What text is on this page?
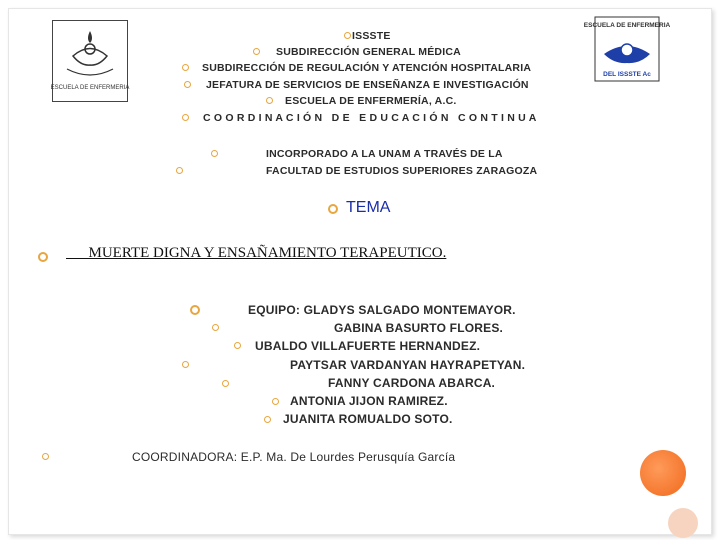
ESCUELA DE ENFERMERIA
ESCUELA DE ENFERMERIA
DEL ISSSTE Ac
ISSSTE
SUBDIRECCIÓN GENERAL MÉDICA
SUBDIRECCIÓN DE REGULACIÓN Y ATENCIÓN HOSPITALARIA
JEFATURA DE SERVICIOS DE ENSEÑANZA E INVESTIGACIÓN
ESCUELA DE ENFERMERÍA, A.C.
C O O R D I N A C I Ó N   D E   E D U C A C I Ó N   C O N T I N U A
INCORPORADO A LA UNAM A TRAVÉS DE LA
FACULTAD DE ESTUDIOS SUPERIORES ZARAGOZA
TEMA
MUERTE DIGNA Y ENSAÑAMIENTO TERAPEUTICO.
EQUIPO: GLADYS SALGADO MONTEMAYOR.
GABINA BASURTO FLORES.
UBALDO VILLAFUERTE HERNANDEZ.
PAYTSAR VARDANYAN HAYRAPETYAN.
FANNY CARDONA ABARCA.
ANTONIA JIJON RAMIREZ.
JUANITA ROMUALDO SOTO.
COORDINADORA: E.P. Ma. De Lourdes Perusquía García
